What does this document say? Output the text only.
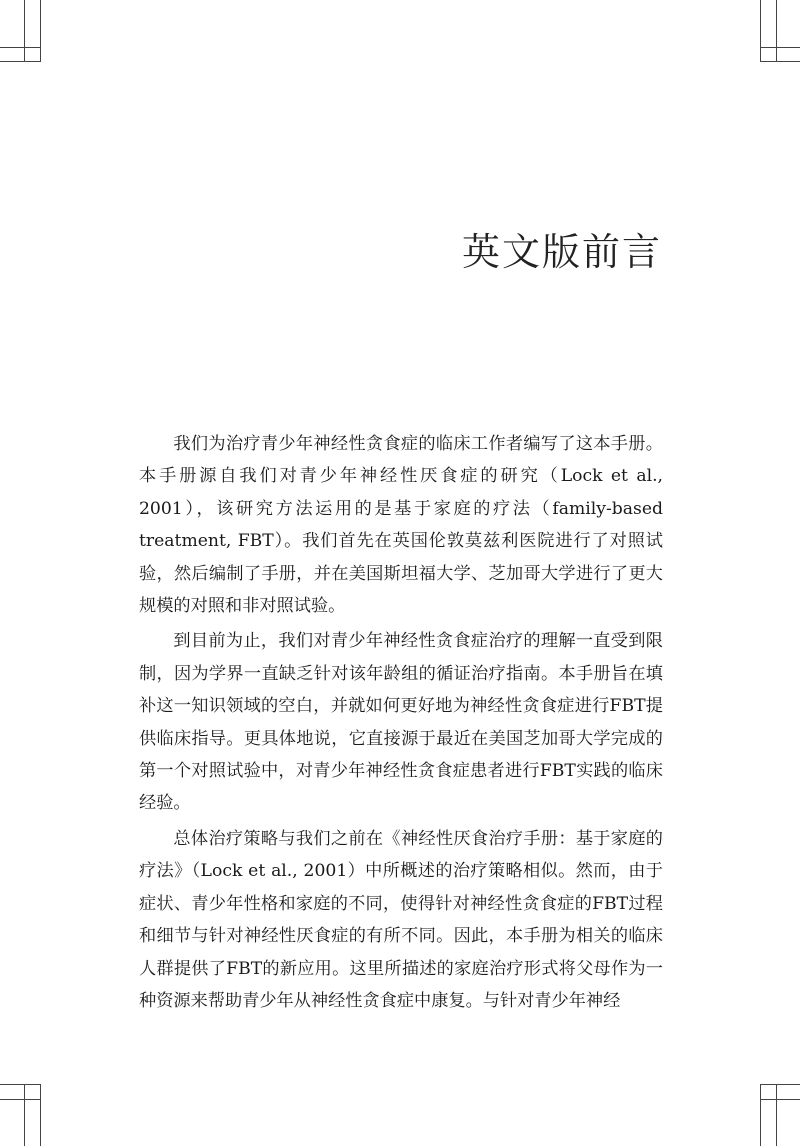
英文版前言

我们为治疗青少年神经性贪食症的临床工作者编写了这本手册。本手册源自我们对青少年神经性厌食症的研究（Lock et al., 2001），该研究方法运用的是基于家庭的疗法（family-based treatment, FBT）。我们首先在英国伦敦莫兹利医院进行了对照试验，然后编制了手册，并在美国斯坦福大学、芝加哥大学进行了更大规模的对照和非对照试验。

到目前为止，我们对青少年神经性贪食症治疗的理解一直受到限制，因为学界一直缺乏针对该年龄组的循证治疗指南。本手册旨在填补这一知识领域的空白，并就如何更好地为神经性贪食症进行FBT提供临床指导。更具体地说，它直接源于最近在美国芝加哥大学完成的第一个对照试验中，对青少年神经性贪食症患者进行FBT实践的临床经验。

总体治疗策略与我们之前在《神经性厌食治疗手册：基于家庭的疗法》（Lock et al., 2001）中所概述的治疗策略相似。然而，由于症状、青少年性格和家庭的不同，使得针对神经性贪食症的FBT过程和细节与针对神经性厌食症的有所不同。因此，本手册为相关的临床人群提供了FBT的新应用。这里所描述的家庭治疗形式将父母作为一种资源来帮助青少年从神经性贪食症中康复。与针对青少年神经
